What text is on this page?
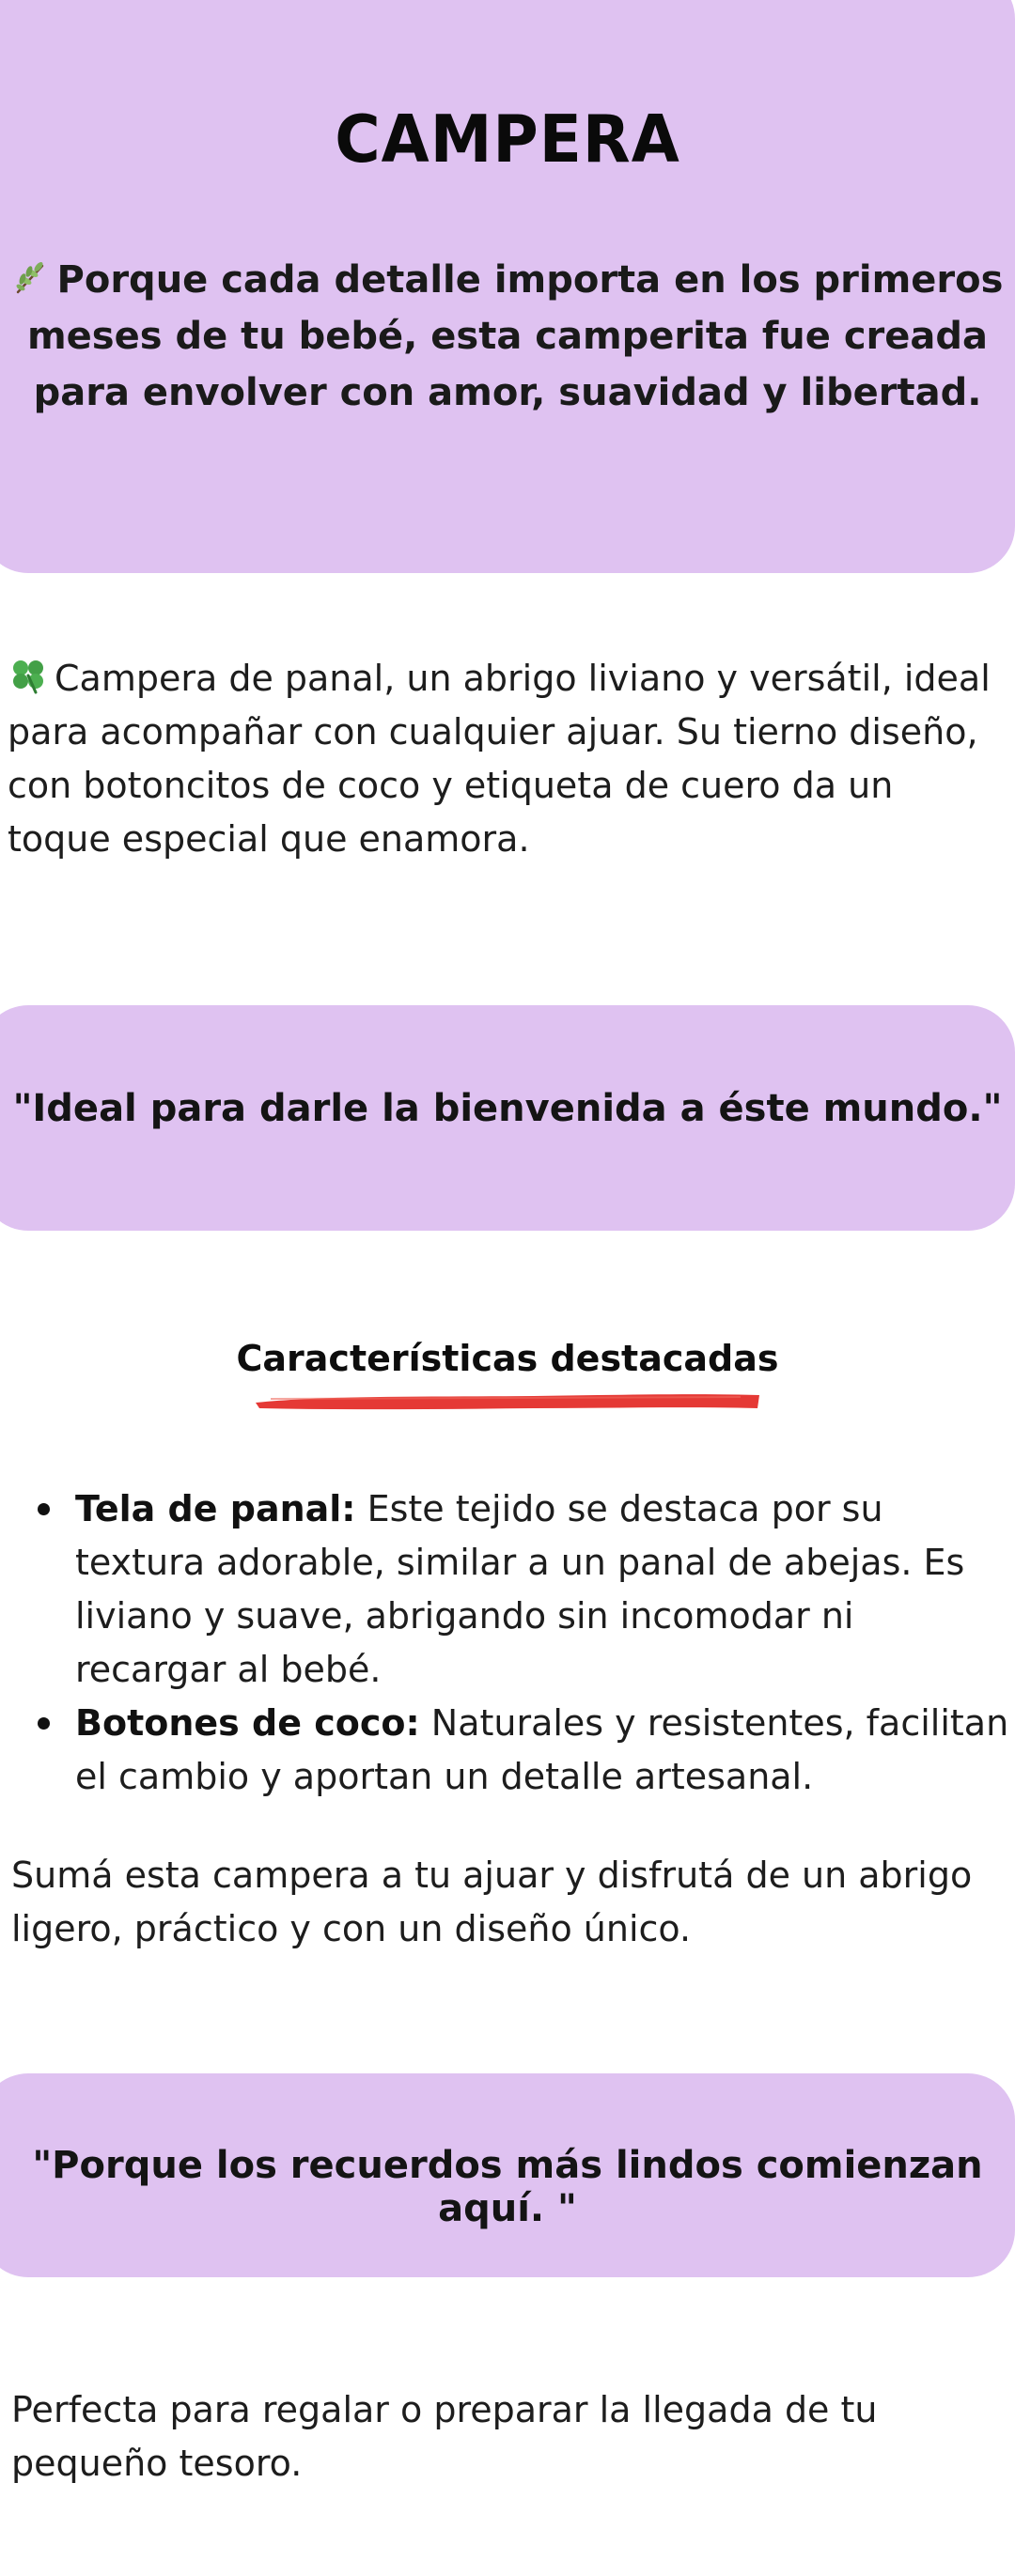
CAMPERA
Porque cada detalle importa en los primeros meses de tu bebé, esta camperita fue creada para envolver con amor, suavidad y libertad.
Campera de panal, un abrigo liviano y versátil, ideal para acompañar con cualquier ajuar. Su tierno diseño, con botoncitos de coco y etiqueta de cuero da un toque especial que enamora.
"Ideal para darle la bienvenida a éste mundo."
Características destacadas
Tela de panal: Este tejido se destaca por su textura adorable, similar a un panal de abejas. Es liviano y suave, abrigando sin incomodar ni recargar al bebé.
Botones de coco: Naturales y resistentes, facilitan el cambio y aportan un detalle artesanal.
Sumá esta campera a tu ajuar y disfrutá de un abrigo ligero, práctico y con un diseño único.
"Porque los recuerdos más lindos comienzan aquí. "
Perfecta para regalar o preparar la llegada de tu pequeño tesoro.
